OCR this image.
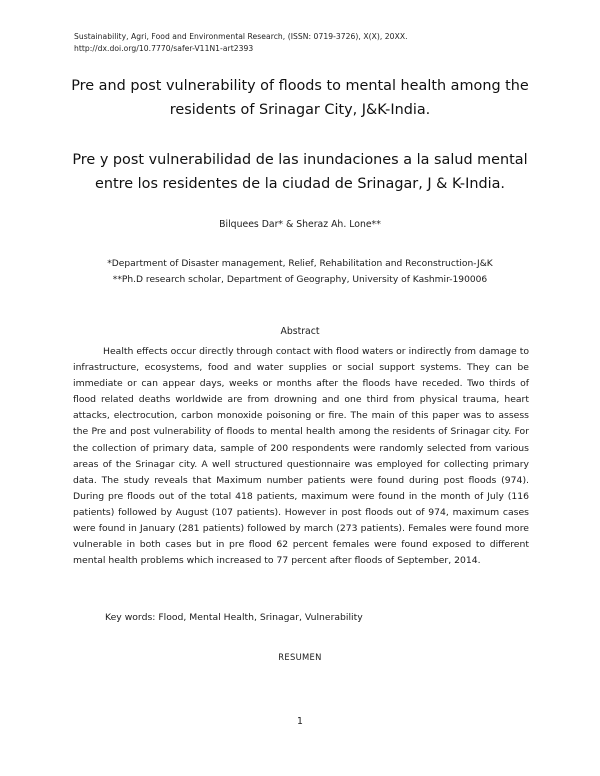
Sustainability, Agri, Food and Environmental Research, (ISSN: 0719-3726), X(X), 20XX.
http://dx.doi.org/10.7770/safer-V11N1-art2393
Pre and post vulnerability of floods to mental health among the
residents of Srinagar City, J&K-India.
Pre y post vulnerabilidad de las inundaciones a la salud mental
entre los residentes de la ciudad de Srinagar, J & K-India.
Bilquees Dar* & Sheraz Ah. Lone**
*Department of Disaster management, Relief, Rehabilitation and Reconstruction-J&K
**Ph.D research scholar, Department of Geography, University of Kashmir-190006
Abstract

Health effects occur directly through contact with flood waters or indirectly from damage to infrastructure, ecosystems, food and water supplies or social support systems. They can be immediate or can appear days, weeks or months after the floods have receded. Two thirds of flood related deaths worldwide are from drowning and one third from physical trauma, heart attacks, electrocution, carbon monoxide poisoning or fire. The main of this paper was to assess the Pre and post vulnerability of floods to mental health among the residents of Srinagar city. For the collection of primary data, sample of 200 respondents were randomly selected from various areas of the Srinagar city. A well structured questionnaire was employed for collecting primary data. The study reveals that Maximum number patients were found during post floods (974). During pre floods out of the total 418 patients, maximum were found in the month of July (116 patients) followed by August (107 patients). However in post floods out of 974, maximum cases were found in January (281 patients) followed by march (273 patients). Females were found more vulnerable in both cases but in pre flood 62 percent females were found exposed to different mental health problems which increased to 77 percent after floods of September, 2014.

Key words: Flood, Mental Health, Srinagar, Vulnerability
RESUMEN
1
